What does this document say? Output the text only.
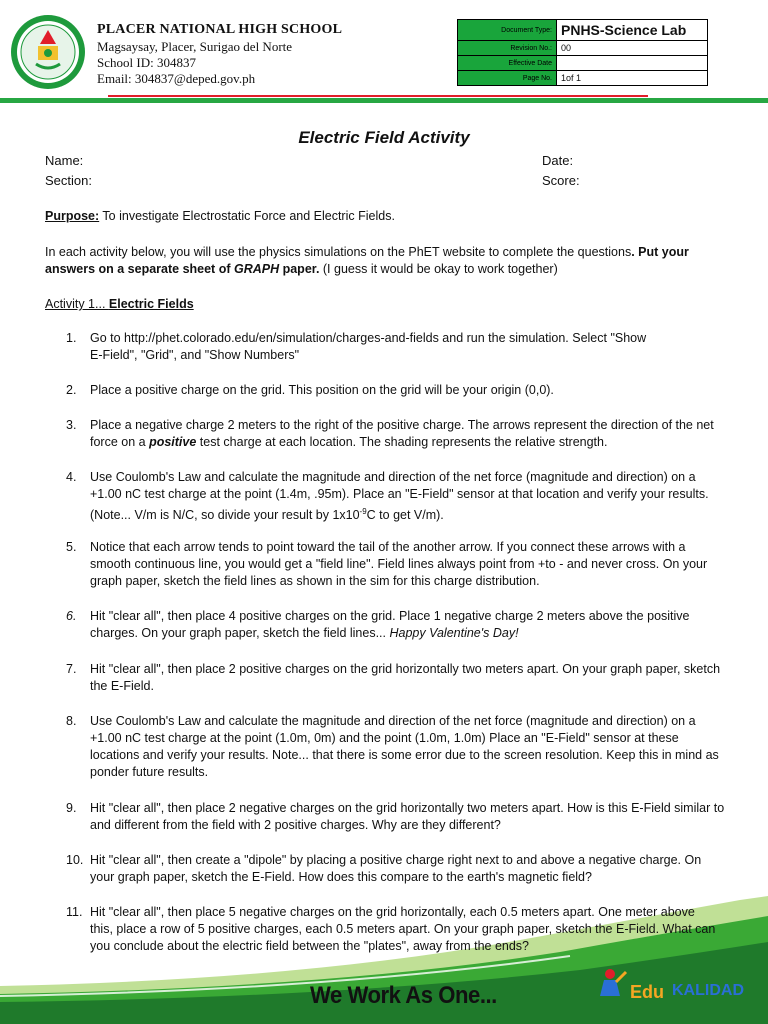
PLACER NATIONAL HIGH SCHOOL
Magsaysay, Placer, Surigao del Norte
School ID: 304837
Email: 304837@deped.gov.ph
Document Type:	PNHS-Science Lab
Revision No.:	00
Effective Date	
Page No.	1of 1
Electric Field Activity
Name:	Date:
Section:	Score:

Purpose: To investigate Electrostatic Force and Electric Fields.

In each activity below, you will use the physics simulations on the PhET website to complete the questions. Put your answers on a separate sheet of GRAPH paper. (I guess it would be okay to work together)

Activity 1... Electric Fields

1.	Go to http://phet.colorado.edu/en/simulation/charges-and-fields and run the simulation. Select "Show E-Field", "Grid", and "Show Numbers"
2.	Place a positive charge on the grid. This position on the grid will be your origin (0,0).
3.	Place a negative charge 2 meters to the right of the positive charge. The arrows represent the direction of the net force on a positive test charge at each location. The shading represents the relative strength.
4.	Use Coulomb's Law and calculate the magnitude and direction of the net force (magnitude and direction) on a +1.00 nC test charge at the point (1.4m, .95m). Place an "E-Field" sensor at that location and verify your results. (Note... V/m is N/C, so divide your result by $1x10^{-9}C$ to get V/m).
5.	Notice that each arrow tends to point toward the tail of the another arrow. If you connect these arrows with a smooth continuous line, you would get a "field line". Field lines always point from +to - and never cross. On your graph paper, sketch the field lines as shown in the sim for this charge distribution.
6.	Hit "clear all", then place 4 positive charges on the grid. Place 1 negative charge 2 meters above the positive charges. On your graph paper, sketch the field lines... Happy Valentine's Day!
7.	Hit "clear all", then place 2 positive charges on the grid horizontally two meters apart. On your graph paper, sketch the E-Field.
8.	Use Coulomb's Law and calculate the magnitude and direction of the net force (magnitude and direction) on a +1.00 nC test charge at the point (1.0m, 0m) and the point (1.0m, 1.0m) Place an "E-Field" sensor at these locations and verify your results. Note... that there is some error due to the screen resolution. Keep this in mind as ponder future results.
9.	Hit "clear all", then place 2 negative charges on the grid horizontally two meters apart. How is this E-Field similar to and different from the field with 2 positive charges. Why are they different?
10. Hit "clear all", then create a "dipole" by placing a positive charge right next to and above a negative charge. On your graph paper, sketch the E-Field. How does this compare to the earth's magnetic field?
11. Hit "clear all", then place 5 negative charges on the grid horizontally, each 0.5 meters apart. One meter above this, place a row of 5 positive charges, each 0.5 meters apart. On your graph paper, sketch the E-Field. What can you conclude about the electric field between the "plates", away from the ends?
We Work As One...	Edu KALIDAD
